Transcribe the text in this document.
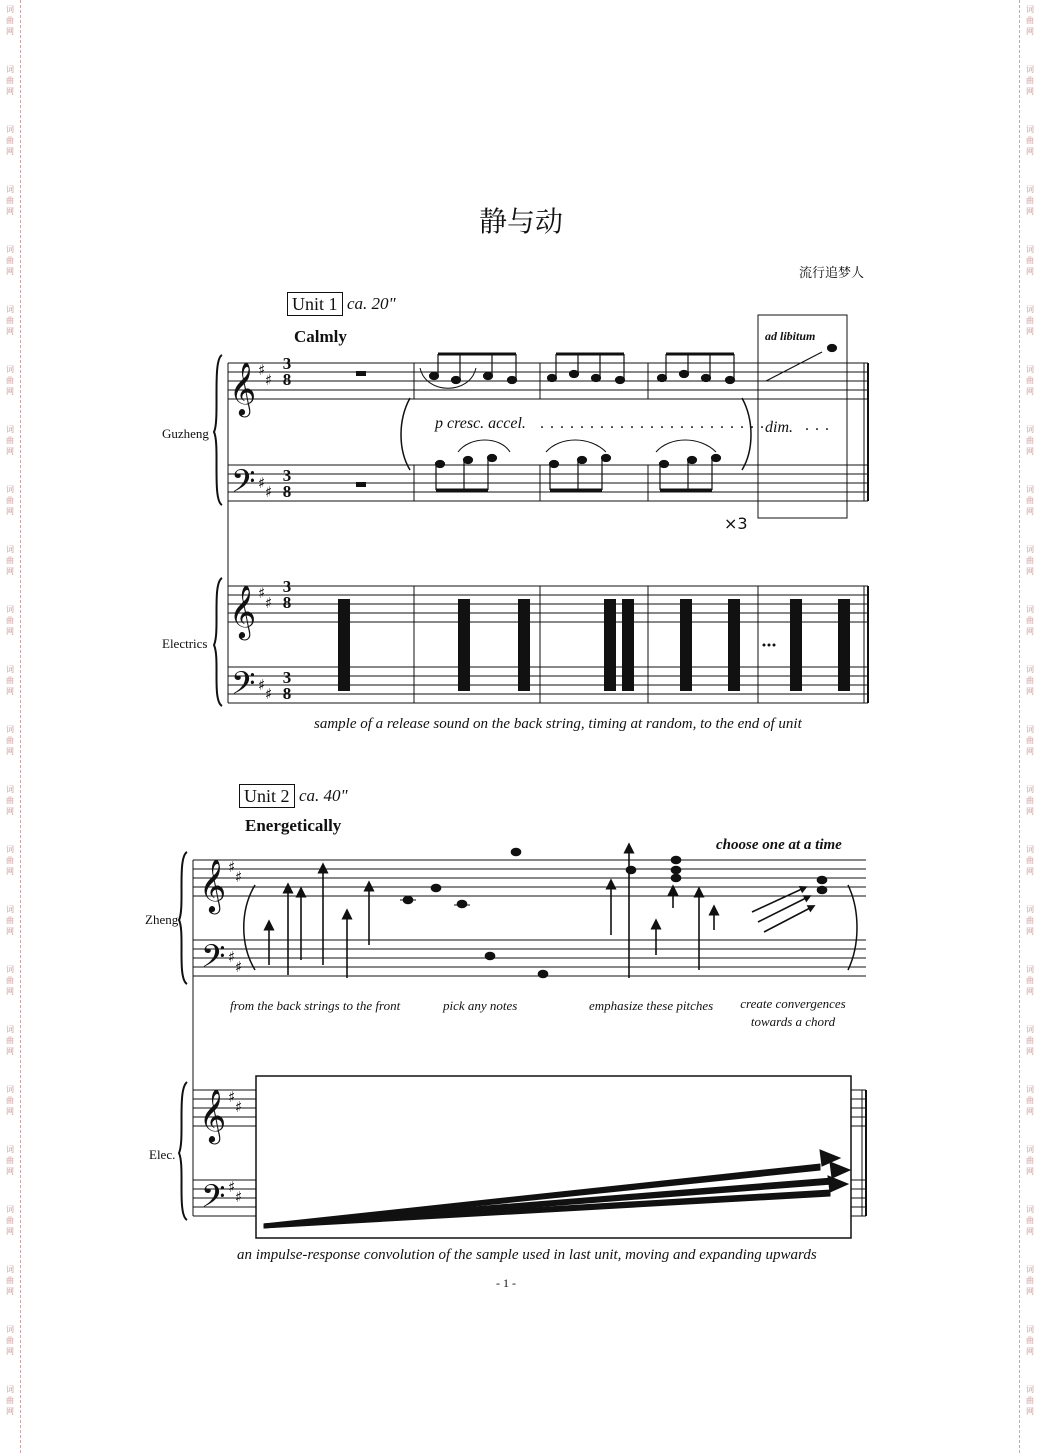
词
曲
网
词
曲
网
词
曲
网
词
曲
网
词
曲
网
词
曲
网
词
曲
网
词
曲
网
词
曲
网
词
曲
网
词
曲
网
词
曲
网
词
曲
网
词
曲
网
词
曲
网
词
曲
网
词
曲
网
词
曲
网
词
曲
网
词
曲
网
词
曲
网
词
曲
网
词
曲
网
词
曲
网
词
曲
网
词
曲
网
词
曲
网
词
曲
网
词
曲
网
词
曲
网
词
曲
网
词
曲
网
词
曲
网
词
曲
网
词
曲
网
词
曲
网
词
曲
网
词
曲
网
词
曲
网
词
曲
网
词
曲
网
词
曲
网
词
曲
网
词
曲
网
词
曲
网
词
曲
网
词
曲
网
词
曲
网
静与动
流行追梦人
𝄞
𝄢
𝄞
𝄢
𝄞
𝄢
𝄞
𝄢
♯
♯
♯ ♯
♯
♯
♯ ♯
♯
♯
♯
♯
♯
♯
♯
♯
Unit 1 ca. 20"
Calmly
3
8
3
8
3
8
3
8
Guzheng
Electrics
p cresc. accel. .......................
ad libitum
dim. ...
×3
sample of a release sound on the back string, timing at random, to the end of unit
Unit 2 ca. 40"
Energetically
Zheng
Elec.
choose one at a time
from the back strings to the front	pick any notes	emphasize these pitches	create convergences towards a chord
an impulse-response convolution of the sample used in last unit, moving and expanding upwards
- 1 -
